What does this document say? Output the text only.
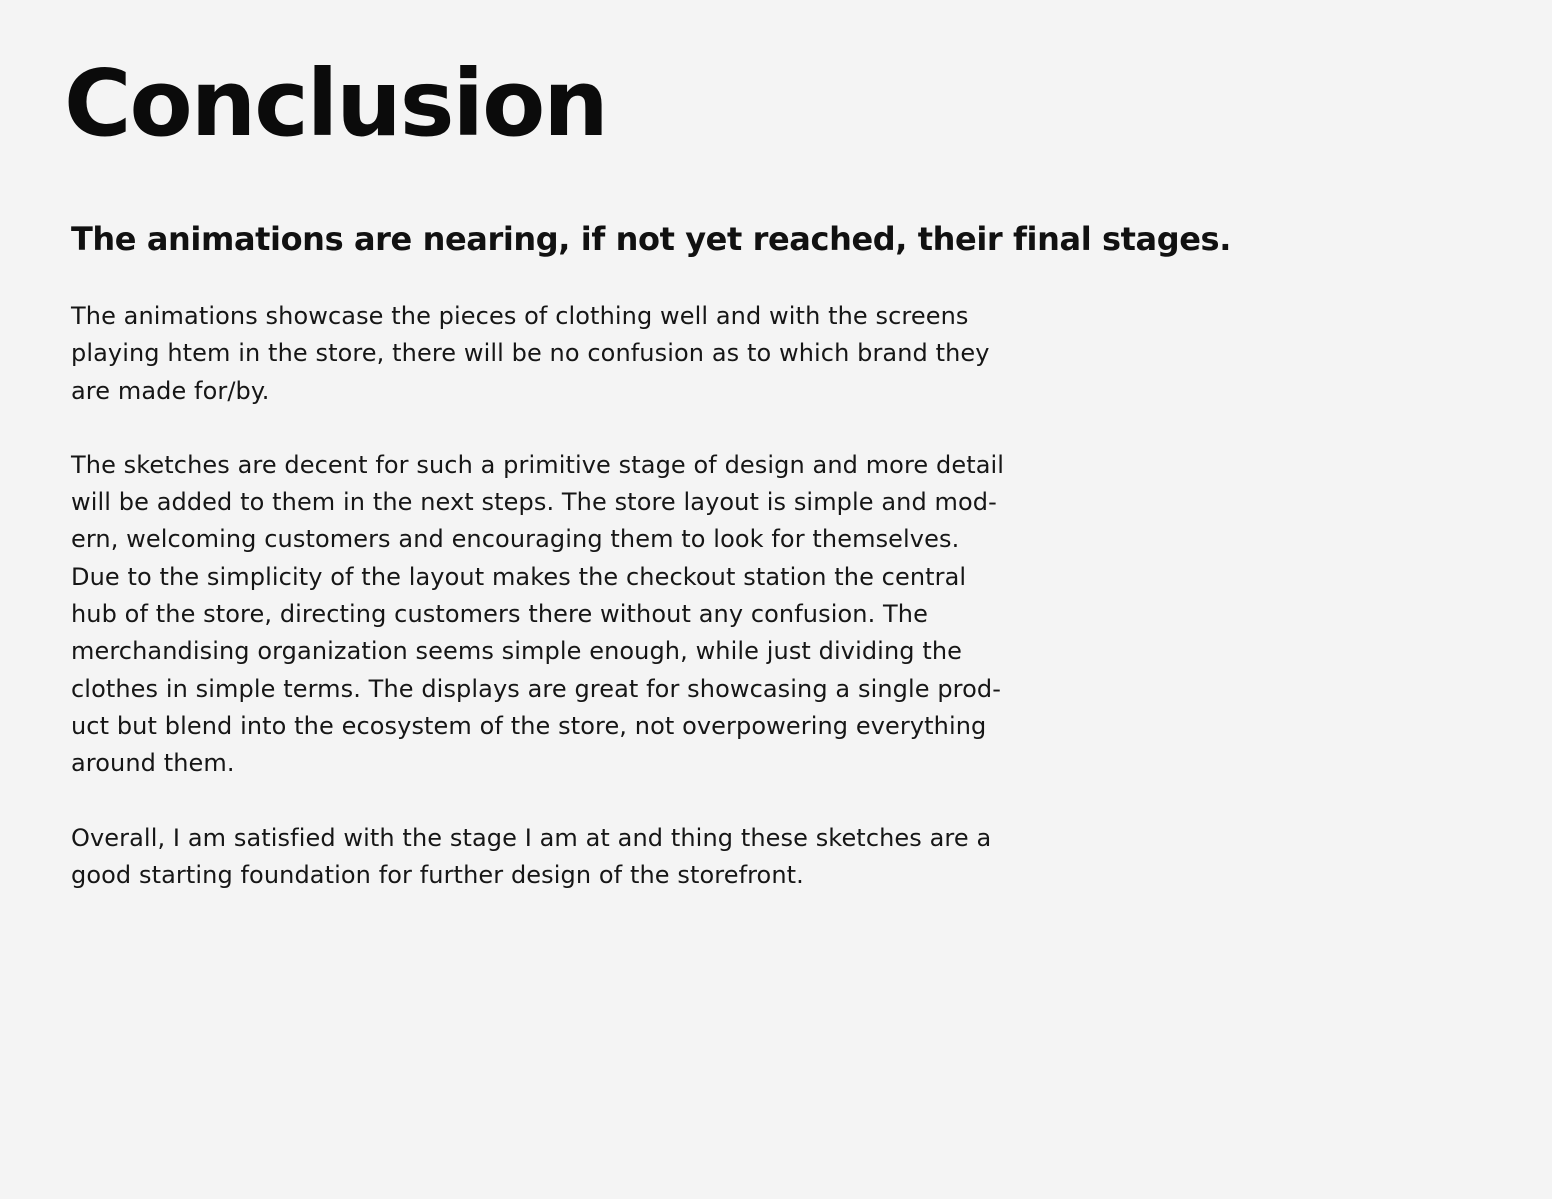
Conclusion
The animations are nearing, if not yet reached, their final stages.

The animations showcase the pieces of clothing well and with the screens
playing htem in the store, there will be no confusion as to which brand they
are made for/by.

The sketches are decent for such a primitive stage of design and more detail
will be added to them in the next steps. The store layout is simple and mod-
ern, welcoming customers and encouraging them to look for themselves.
Due to the simplicity of the layout makes the checkout station the central
hub of the store, directing customers there without any confusion. The
merchandising organization seems simple enough, while just dividing the
clothes in simple terms. The displays are great for showcasing a single prod-
uct but blend into the ecosystem of the store, not overpowering everything
around them.

Overall, I am satisfied with the stage I am at and thing these sketches are a
good starting foundation for further design of the storefront.
